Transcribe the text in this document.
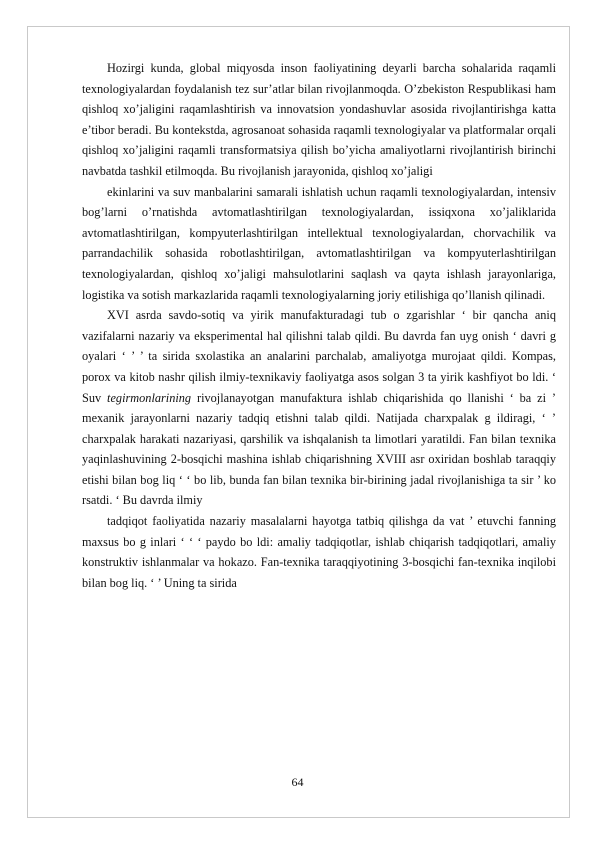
Hozirgi kunda, global miqyosda inson faoliyatining deyarli barcha sohalarida raqamli texnologiyalardan foydalanish tez sur’atlar bilan rivojlanmoqda. O’zbekiston Respublikasi ham qishloq xo’jaligini raqamlashtirish va innovatsion yondashuvlar asosida rivojlantirishga katta e’tibor beradi. Bu kontekstda, agrosanoat sohasida raqamli texnologiyalar va platformalar orqali qishloq xo’jaligini raqamli transformatsiya qilish bo’yicha amaliyotlarni rivojlantirish birinchi navbatda tashkil etilmoqda. Bu rivojlanish jarayonida, qishloq xo’jaligi

ekinlarini va suv manbalarini samarali ishlatish uchun raqamli texnologiyalardan, intensiv bog’larni o’rnatishda avtomatlashtirilgan texnologiyalardan, issiqxona xo’jaliklarida avtomatlashtirilgan, kompyuterlashtirilgan intellektual texnologiyalardan, chorvachilik va parrandachilik sohasida robotlashtirilgan, avtomatlashtirilgan va kompyuterlashtirilgan texnologiyalardan, qishloq xo’jaligi mahsulotlarini saqlash va qayta ishlash jarayonlariga, logistika va sotish markazlarida raqamli texnologiyalarning joriy etilishiga qo’llanish qilinadi.

XVI asrda savdo-sotiq va yirik manufakturadagi tub o zgarishlar ‘ bir qancha aniq vazifalarni nazariy va eksperimental hal qilishni talab qildi. Bu davrda fan uyg onish ‘ davri g oyalari ‘ ’ ’ ta sirida sxolastika an analarini parchalab, amaliyotga murojaat qildi. Kompas, porox va kitob nashr qilish ilmiy-texnikaviy faoliyatga asos solgan 3 ta yirik kashfiyot bo ldi. ‘ Suv tegirmonlarining rivojlanayotgan manufaktura ishlab chiqarishida qo llanishi ‘ ba zi ’ mexanik jarayonlarni nazariy tadqiq etishni talab qildi. Natijada charxpalak g ildiragi, ‘ ’ charxpalak harakati nazariyasi, qarshilik va ishqalanish ta limotlari yaratildi. Fan bilan texnika yaqinlashuvining 2-bosqichi mashina ishlab chiqarishning XVIII asr oxiridan boshlab taraqqiy etishi bilan bog liq ‘ ‘ bo lib, bunda fan bilan texnika bir-birining jadal rivojlanishiga ta sir ’ ko rsatdi. ‘ Bu davrda ilmiy

tadqiqot faoliyatida nazariy masalalarni hayotga tatbiq qilishga da vat ’ etuvchi fanning maxsus bo g inlari ‘ ‘ ‘ paydo bo ldi: amaliy tadqiqotlar, ishlab chiqarish tadqiqotlari, amaliy konstruktiv ishlanmalar va hokazo. Fan-texnika taraqqiyotining 3-bosqichi fan-texnika inqilobi bilan bog liq. ‘ ’ Uning ta sirida

64
